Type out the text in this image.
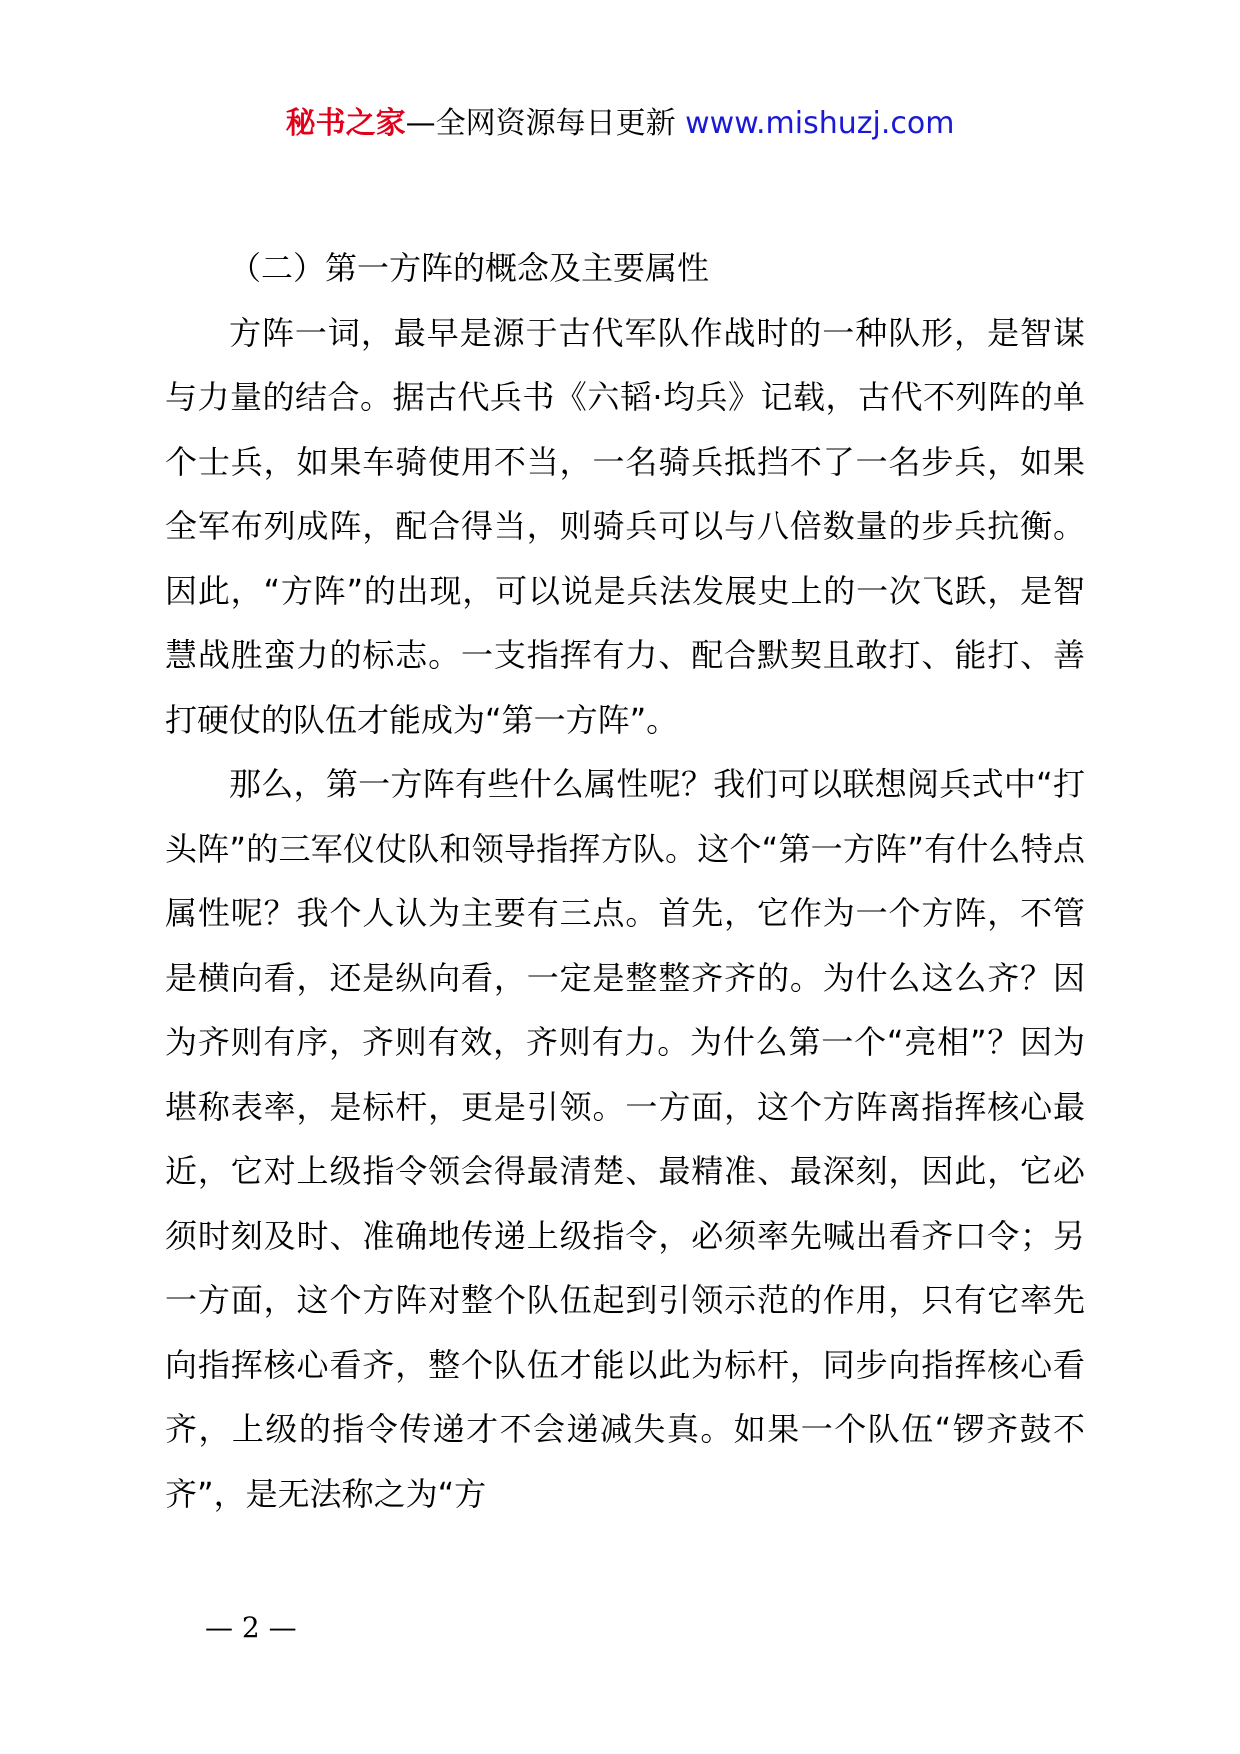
秘书之家—全网资源每日更新 www.mishuzj.com

（二）第一方阵的概念及主要属性

方阵一词，最早是源于古代军队作战时的一种队形，是智谋与力量的结合。据古代兵书《六韬·均兵》记载，古代不列阵的单个士兵，如果车骑使用不当，一名骑兵抵挡不了一名步兵，如果全军布列成阵，配合得当，则骑兵可以与八倍数量的步兵抗衡。因此，“方阵”的出现，可以说是兵法发展史上的一次飞跃，是智慧战胜蛮力的标志。一支指挥有力、配合默契且敢打、能打、善打硬仗的队伍才能成为“第一方阵”。

那么，第一方阵有些什么属性呢？我们可以联想阅兵式中“打头阵”的三军仪仗队和领导指挥方队。这个“第一方阵”有什么特点属性呢？我个人认为主要有三点。首先，它作为一个方阵，不管是横向看，还是纵向看，一定是整整齐齐的。为什么这么齐？因为齐则有序，齐则有效，齐则有力。为什么第一个“亮相”？因为堪称表率，是标杆，更是引领。一方面，这个方阵离指挥核心最近，它对上级指令领会得最清楚、最精准、最深刻，因此，它必须时刻及时、准确地传递上级指令，必须率先喊出看齐口令；另一方面，这个方阵对整个队伍起到引领示范的作用，只有它率先向指挥核心看齐，整个队伍才能以此为标杆，同步向指挥核心看齐，上级的指令传递才不会递减失真。如果一个队伍“锣齐鼓不齐”，是无法称之为“方

— 2 —
